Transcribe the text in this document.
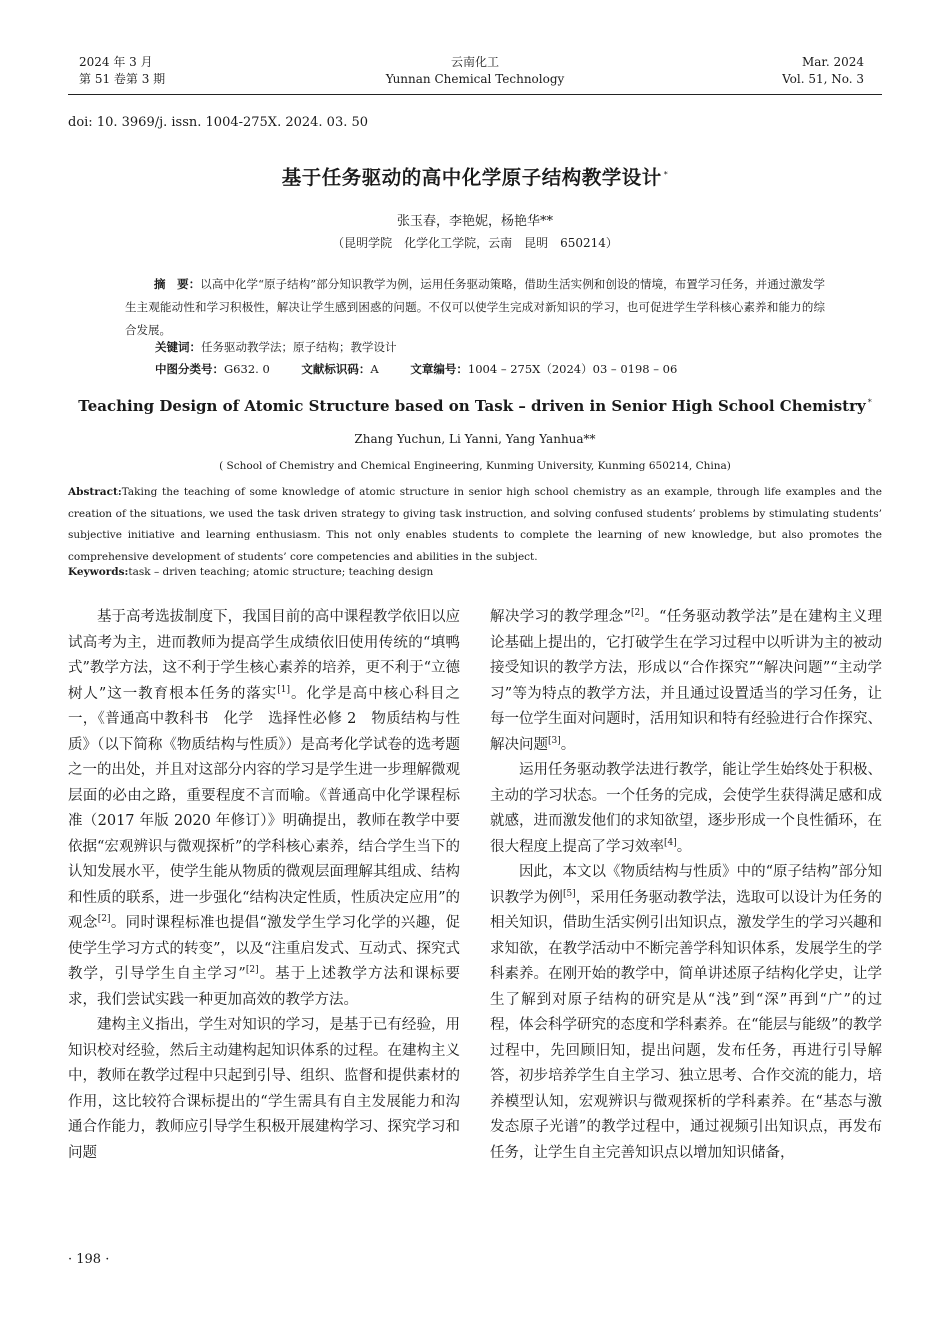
2024 年 3 月
第 51 卷第 3 期
云南化工
Yunnan Chemical Technology
Mar. 2024
Vol. 51, No. 3
doi: 10. 3969/j. issn. 1004-275X. 2024. 03. 50
基于任务驱动的高中化学原子结构教学设计 *
张玉春，李艳妮，杨艳华**
（昆明学院　化学化工学院，云南　昆明　650214）

摘　要：以高中化学“原子结构”部分知识教学为例，运用任务驱动策略，借助生活实例和创设的情境，布置学习任务，并通过激发学生主观能动性和学习积极性，解决让学生感到困惑的问题。不仅可以使学生完成对新知识的学习，也可促进学生学科核心素养和能力的综合发展。

关键词：任务驱动教学法；原子结构；教学设计
中图分类号：G632. 0	文献标识码：A	文章编号：1004 – 275X（2024）03 – 0198 – 06
Teaching Design of Atomic Structure based on Task – driven in Senior High School Chemistry *
Zhang Yuchun, Li Yanni, Yang Yanhua**
( School of Chemistry and Chemical Engineering, Kunming University, Kunming 650214, China)
Abstract:Taking the teaching of some knowledge of atomic structure in senior high school chemistry as an example, through life examples and the creation of the situations, we used the task driven strategy to giving task instruction, and solving confused students’ problems by stimulating students’ subjective initiative and learning enthusiasm. This not only enables students to complete the learning of new knowledge, but also promotes the comprehensive development of students’ core competencies and abilities in the subject.
Keywords:task – driven teaching; atomic structure; teaching design

基于高考选拔制度下，我国目前的高中课程教学依旧以应试高考为主，进而教师为提高学生成绩依旧使用传统的“填鸭式”教学方法，这不利于学生核心素养的培养，更不利于“立德树人”这一教育根本任务的落实[1]。化学是高中核心科目之一，《普通高中教科书　化学　选择性必修 2　物质结构与性质》（以下简称《物质结构与性质》）是高考化学试卷的选考题之一的出处，并且对这部分内容的学习是学生进一步理解微观层面的必由之路，重要程度不言而喻。《普通高中化学课程标准（2017 年版 2020 年修订）》明确提出，教师在教学中要依据“宏观辨识与微观探析”的学科核心素养，结合学生当下的认知发展水平，使学生能从物质的微观层面理解其组成、结构和性质的联系，进一步强化“结构决定性质，性质决定应用”的观念[2]。同时课程标准也提倡“激发学生学习化学的兴趣，促使学生学习方式的转变”，以及“注重启发式、互动式、探究式教学，引导学生自主学习”[2]。基于上述教学方法和课标要求，我们尝试实践一种更加高效的教学方法。

建构主义指出，学生对知识的学习，是基于已有经验，用知识校对经验，然后主动建构起知识体系的过程。在建构主义中，教师在教学过程中只起到引导、组织、监督和提供素材的作用，这比较符合课标提出的“学生需具有自主发展能力和沟通合作能力，教师应引导学生积极开展建构学习、探究学习和问题

解决学习的教学理念”[2]。“任务驱动教学法”是在建构主义理论基础上提出的，它打破学生在学习过程中以听讲为主的被动接受知识的教学方法，形成以“合作探究”“解决问题”“主动学习”等为特点的教学方法，并且通过设置适当的学习任务，让每一位学生面对问题时，活用知识和特有经验进行合作探究、解决问题[3]。

运用任务驱动教学法进行教学，能让学生始终处于积极、主动的学习状态。一个任务的完成，会使学生获得满足感和成就感，进而激发他们的求知欲望，逐步形成一个良性循环，在很大程度上提高了学习效率[4]。

因此，本文以《物质结构与性质》中的“原子结构”部分知识教学为例[5]，采用任务驱动教学法，选取可以设计为任务的相关知识，借助生活实例引出知识点，激发学生的学习兴趣和求知欲，在教学活动中不断完善学科知识体系，发展学生的学科素养。在刚开始的教学中，简单讲述原子结构化学史，让学生了解到对原子结构的研究是从“浅”到“深”再到“广”的过程，体会科学研究的态度和学科素养。在“能层与能级”的教学过程中，先回顾旧知，提出问题，发布任务，再进行引导解答，初步培养学生自主学习、独立思考、合作交流的能力，培养模型认知，宏观辨识与微观探析的学科素养。在“基态与激发态原子光谱”的教学过程中，通过视频引出知识点，再发布任务，让学生自主完善知识点以增加知识储备，

· 198 ·
